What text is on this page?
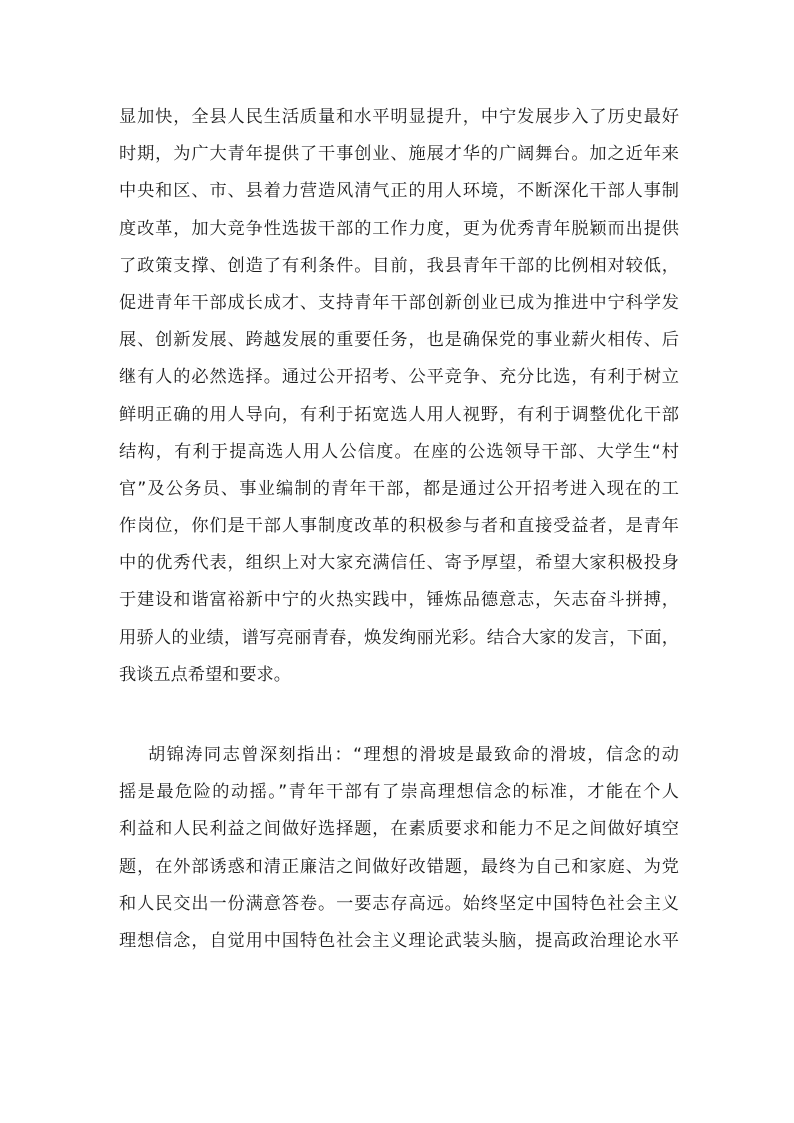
显加快，全县人民生活质量和水平明显提升，中宁发展步入了历史最好
时期，为广大青年提供了干事创业、施展才华的广阔舞台。加之近年来
中央和区、市、县着力营造风清气正的用人环境，不断深化干部人事制
度改革，加大竞争性选拔干部的工作力度，更为优秀青年脱颖而出提供
了政策支撑、创造了有利条件。目前，我县青年干部的比例相对较低，
促进青年干部成长成才、支持青年干部创新创业已成为推进中宁科学发
展、创新发展、跨越发展的重要任务，也是确保党的事业薪火相传、后
继有人的必然选择。通过公开招考、公平竞争、充分比选，有利于树立
鲜明正确的用人导向，有利于拓宽选人用人视野，有利于调整优化干部
结构，有利于提高选人用人公信度。在座的公选领导干部、大学生“村
官”及公务员、事业编制的青年干部，都是通过公开招考进入现在的工
作岗位，你们是干部人事制度改革的积极参与者和直接受益者，是青年
中的优秀代表，组织上对大家充满信任、寄予厚望，希望大家积极投身
于建设和谐富裕新中宁的火热实践中，锤炼品德意志，矢志奋斗拼搏，
用骄人的业绩，谱写亮丽青春，焕发绚丽光彩。结合大家的发言，下面，
我谈五点希望和要求。
胡锦涛同志曾深刻指出：“理想的滑坡是最致命的滑坡，信念的动
摇是最危险的动摇。”青年干部有了崇高理想信念的标准，才能在个人
利益和人民利益之间做好选择题，在素质要求和能力不足之间做好填空
题，在外部诱惑和清正廉洁之间做好改错题，最终为自己和家庭、为党
和人民交出一份满意答卷。一要志存高远。始终坚定中国特色社会主义
理想信念，自觉用中国特色社会主义理论武装头脑，提高政治理论水平
